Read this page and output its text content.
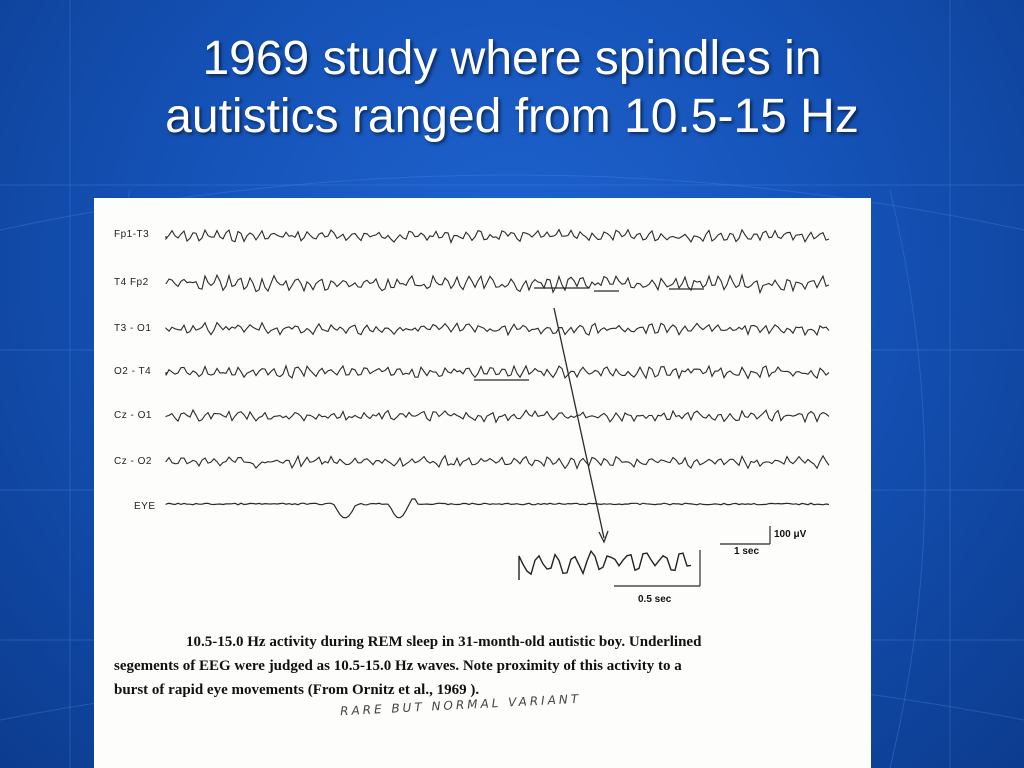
1969 study where spindles in
autistics ranged from 10.5-15 Hz
Fp1-T3
T4 Fp2
T3 - O1
O2 - T4
Cz - O1
Cz - O2
EYE
100 μV
1 sec
0.5 sec
10.5-15.0 Hz activity during REM sleep in 31-month-old autistic boy. Underlined
segements of EEG were judged as 10.5-15.0 Hz waves. Note proximity of this activity to a
burst of rapid eye movements (From Ornitz et al., 1969 ).
RARE BUT NORMAL VARIANT
